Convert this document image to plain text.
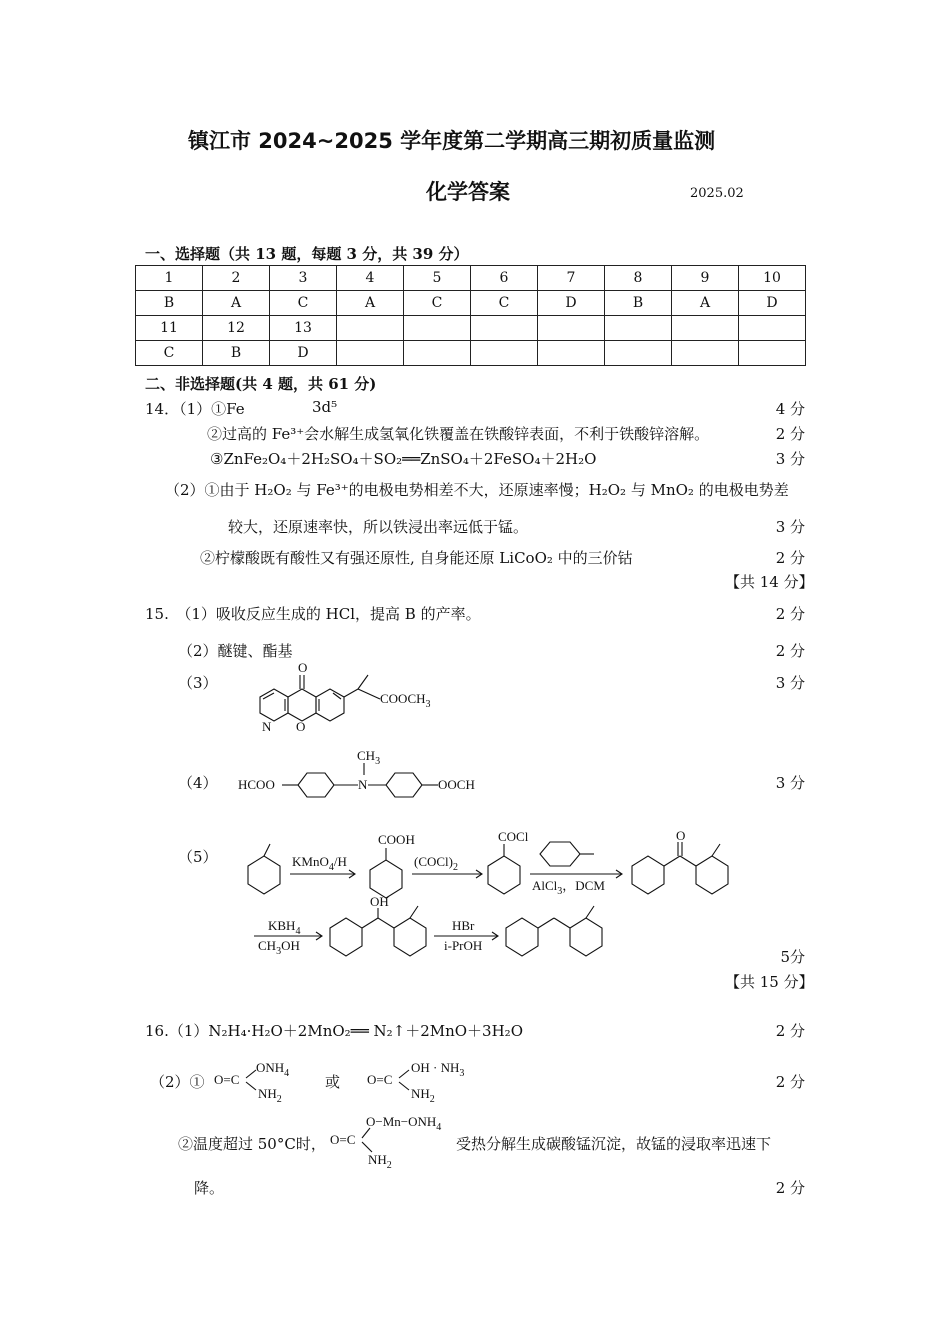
镇江市 2024~2025 学年度第二学期高三期初质量监测
化学答案	2025.02
一、选择题（共 13 题，每题 3 分，共 39 分）
1	2	3	4	5	6	7	8	9	10
B	A	C	A	C	C	D	B	A	D
11	12	13							
C	B	D							
二、非选择题(共 4 题，共 61 分)
14．（1）①Fe	3d⁵	4 分
②过高的 Fe³⁺会水解生成氢氧化铁覆盖在铁酸锌表面，不利于铁酸锌溶解。	2 分
③ZnFe₂O₄＋2H₂SO₄＋SO₂══ZnSO₄＋2FeSO₄＋2H₂O	3 分
（2）①由于 H₂O₂ 与 Fe³⁺的电极电势相差不大，还原速率慢；H₂O₂ 与 MnO₂ 的电极电势差
较大，还原速率快，所以铁浸出率远低于锰。	3 分
②柠檬酸既有酸性又有强还原性, 自身能还原 LiCoO₂ 中的三价钴	2 分
【共 14 分】
15.　（1）吸收反应生成的 HCl，提高 B 的产率。	2 分
（2）醚键、酯基	2 分
（3）	3 分
（4）	3 分
（5）
5分
【共 15 分】
O
N O
$COOCH_3$
HCOO	N
$CH_3$
OOCH
KMnO$_4$/H
COOH
$(COCl)_2$
COCl
AlCl$_3$，DCM
O
$KBH_4$
$CH_3OH$
OH
HBr
i-PrOH
16.（1）N₂H₄·H₂O＋2MnO₂══ N₂↑＋2MnO＋3H₂O	2 分
（2）①	或	2 分
O=C
$ONH_4$
$NH_2$
O=C
OH · $NH_3$
$NH_2$
②温度超过 50°C时， O=C
$O-Mn-ONH_4$
$NH_2$
受热分解生成碳酸锰沉淀，故锰的浸取率迅速下
降。	2 分
